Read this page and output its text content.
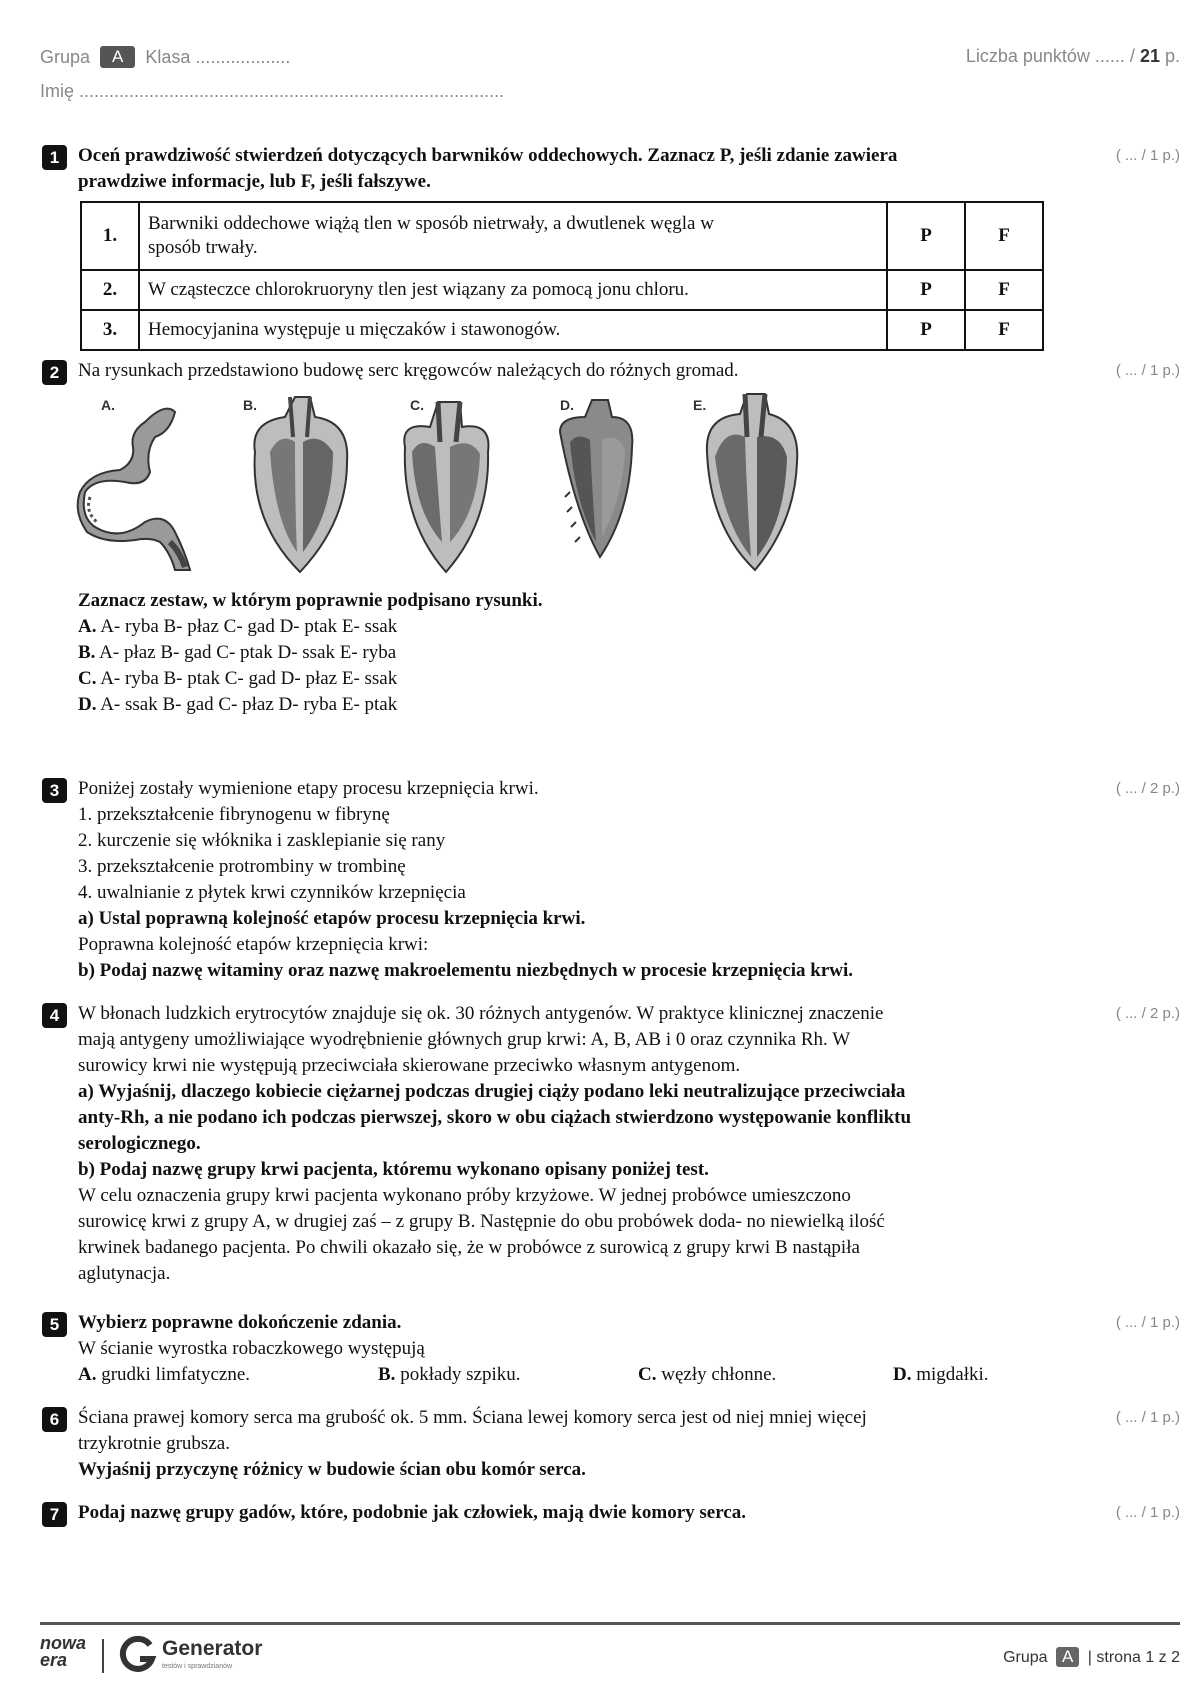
Grupa	A	Klasa ...................	Liczba punktów ...... / 21 p.
Imię .....................................................................................
1	( ... / 1 p.)
Oceń prawdziwość stwierdzeń dotyczących barwników oddechowych. Zaznacz P, jeśli zdanie zawiera
prawdziwe informacje, lub F, jeśli fałszywe.
1.	Barwniki oddechowe wiążą tlen w sposób nietrwały, a dwutlenek węgla w
sposób trwały.	P	F
2.	W cząsteczce chlorokruoryny tlen jest wiązany za pomocą jonu chloru.	P	F
3.	Hemocyjanina występuje u mięczaków i stawonogów.	P	F
2	( ... / 1 p.)
Na rysunkach przedstawiono budowę serc kręgowców należących do różnych gromad.
A.	B.	C.	D.	E.
Zaznacz zestaw, w którym poprawnie podpisano rysunki.
A. A- ryba B- płaz C- gad D- ptak E- ssak
B. A- płaz B- gad C- ptak D- ssak E- ryba
C. A- ryba B- ptak C- gad D- płaz E- ssak
D. A- ssak B- gad C- płaz D- ryba E- ptak
3	( ... / 2 p.)
Poniżej zostały wymienione etapy procesu krzepnięcia krwi.
1. przekształcenie fibrynogenu w fibrynę
2. kurczenie się włóknika i zasklepianie się rany
3. przekształcenie protrombiny w trombinę
4. uwalnianie z płytek krwi czynników krzepnięcia
a) Ustal poprawną kolejność etapów procesu krzepnięcia krwi.
Poprawna kolejność etapów krzepnięcia krwi:
b) Podaj nazwę witaminy oraz nazwę makroelementu niezbędnych w procesie krzepnięcia krwi.
4	( ... / 2 p.)
W błonach ludzkich erytrocytów znajduje się ok. 30 różnych antygenów. W praktyce klinicznej znaczenie
mają antygeny umożliwiające wyodrębnienie głównych grup krwi: A, B, AB i 0 oraz czynnika Rh. W
surowicy krwi nie występują przeciwciała skierowane przeciwko własnym antygenom.
a) Wyjaśnij, dlaczego kobiecie ciężarnej podczas drugiej ciąży podano leki neutralizujące przeciwciała
anty-Rh, a nie podano ich podczas pierwszej, skoro w obu ciążach stwierdzono występowanie konfliktu
serologicznego.
b) Podaj nazwę grupy krwi pacjenta, któremu wykonano opisany poniżej test.
W celu oznaczenia grupy krwi pacjenta wykonano próby krzyżowe. W jednej probówce umieszczono
surowicę krwi z grupy A, w drugiej zaś – z grupy B. Następnie do obu probówek doda- no niewielką ilość
krwinek badanego pacjenta. Po chwili okazało się, że w probówce z surowicą z grupy krwi B nastąpiła
aglutynacja.
5	( ... / 1 p.)
Wybierz poprawne dokończenie zdania.
W ścianie wyrostka robaczkowego występują
A. grudki limfatyczne.	B. pokłady szpiku.	C. węzły chłonne.	D. migdałki.
6	( ... / 1 p.)
Ściana prawej komory serca ma grubość ok. 5 mm. Ściana lewej komory serca jest od niej mniej więcej
trzykrotnie grubsza.
Wyjaśnij przyczynę różnicy w budowie ścian obu komór serca.
7	( ... / 1 p.)
Podaj nazwę grupy gadów, które, podobnie jak człowiek, mają dwie komory serca.
nowa
era	Generator
testów i sprawdzianów
Grupa A | strona 1 z 2
